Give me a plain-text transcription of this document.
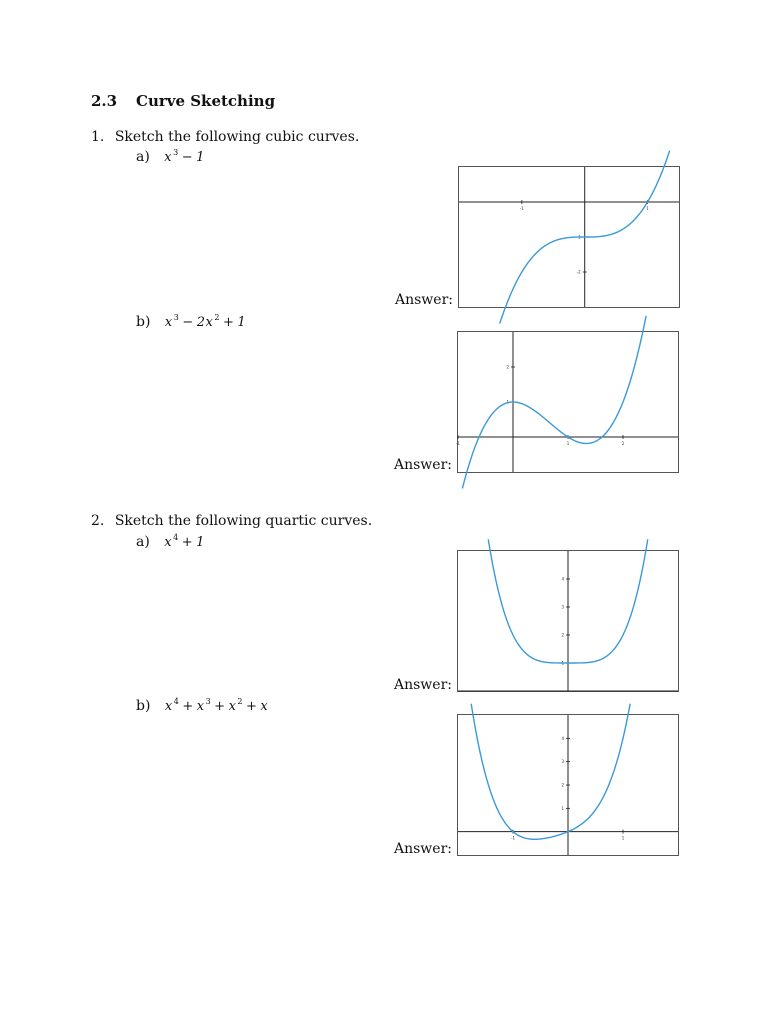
2.3 Curve Sketching
1. Sketch the following cubic curves.
a) $x^3 - 1$
Answer:
-1	1
-1
-2
b) $x^3 - 2x^2 + 1$
Answer:
-1	1	2
1
2
2. Sketch the following quartic curves.
a) $x^4 + 1$
Answer:
1
2
3
4
b) $x^4 + x^3 + x^2 + x$
Answer:
-1	1
1
2
3
4
